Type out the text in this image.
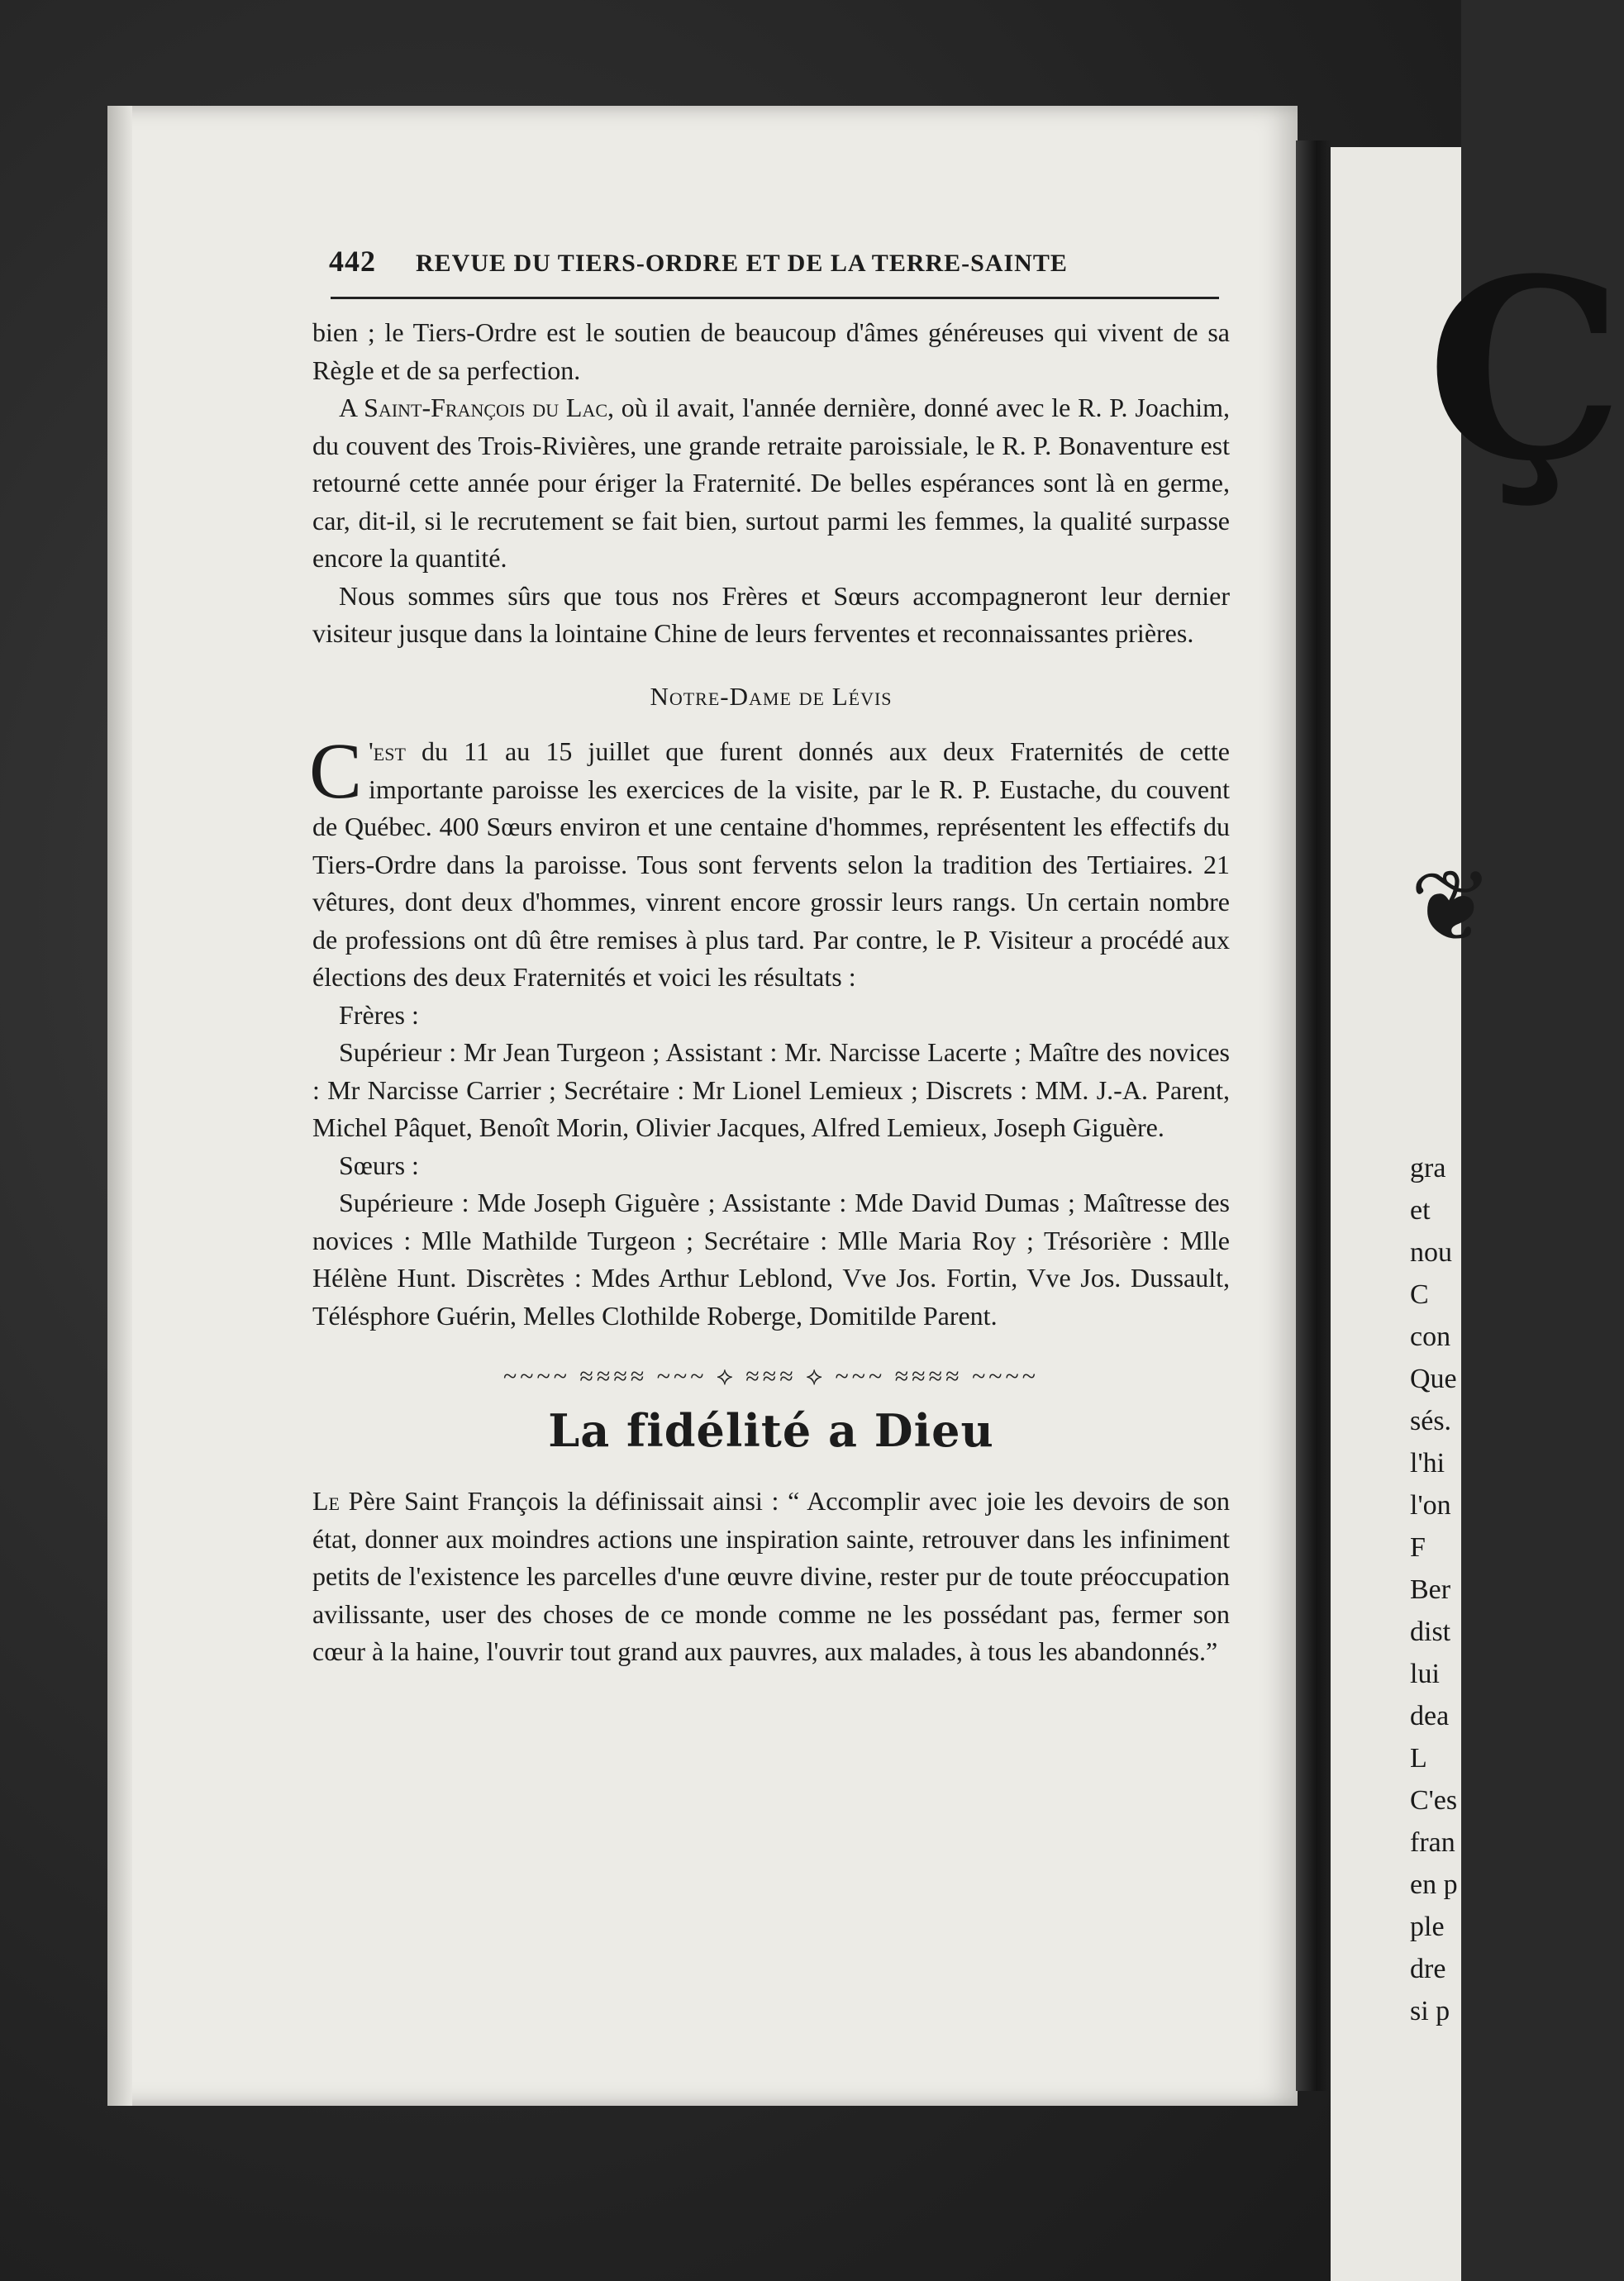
Ç
❦
gra
et
nou
C
con
Que
sés.
l'hi
l'on
F
Ber
dist
lui
dea
L
C'es
fran
en p
ple
dre
si p
442 REVUE DU TIERS-ORDRE ET DE LA TERRE-SAINTE

bien ; le Tiers-Ordre est le soutien de beaucoup d'âmes généreuses qui vivent de sa Règle et de sa perfection.

A Saint-François du Lac, où il avait, l'année dernière, donné avec le R. P. Joachim, du couvent des Trois-Rivières, une grande retraite paroissiale, le R. P. Bonaventure est retourné cette année pour ériger la Fraternité. De belles espérances sont là en germe, car, dit-il, si le recrutement se fait bien, surtout parmi les femmes, la qualité surpasse encore la quantité.

Nous sommes sûrs que tous nos Frères et Sœurs accompagneront leur dernier visiteur jusque dans la lointaine Chine de leurs ferventes et reconnaissantes prières.

Notre-Dame de Lévis

C 'est du 11 au 15 juillet que furent donnés aux deux Fraternités de cette importante paroisse les exercices de la visite, par le R. P. Eustache, du couvent de Québec. 400 Sœurs environ et une centaine d'hommes, représentent les effectifs du Tiers-Ordre dans la paroisse. Tous sont fervents selon la tradition des Tertiaires. 21 vêtures, dont deux d'hommes, vinrent encore grossir leurs rangs. Un certain nombre de professions ont dû être remises à plus tard. Par contre, le P. Visiteur a procédé aux élections des deux Fraternités et voici les résultats :

Frères :

Supérieur : Mr Jean Turgeon ; Assistant : Mr. Narcisse Lacerte ; Maître des novices : Mr Narcisse Carrier ; Secrétaire : Mr Lionel Lemieux ; Discrets : MM. J.-A. Parent, Michel Pâquet, Benoît Morin, Olivier Jacques, Alfred Lemieux, Joseph Giguère.

Sœurs :

Supérieure : Mde Joseph Giguère ; Assistante : Mde David Dumas ; Maîtresse des novices : Mlle Mathilde Turgeon ; Secrétaire : Mlle Maria Roy ; Trésorière : Mlle Hélène Hunt. Discrètes : Mdes Arthur Leblond, Vve Jos. Fortin, Vve Jos. Dussault, Télésphore Guérin, Melles Clothilde Roberge, Domitilde Parent.

~~~~ ≈≈≈≈ ~~~ ⟡ ≈≈≈ ⟡ ~~~ ≈≈≈≈ ~~~~
La fidélité a Dieu

Le Père Saint François la définissait ainsi : “ Accomplir avec joie les devoirs de son état, donner aux moindres actions une inspiration sainte, retrouver dans les infiniment petits de l'existence les parcelles d'une œuvre divine, rester pur de toute préoccupation avilissante, user des choses de ce monde comme ne les possédant pas, fermer son cœur à la haine, l'ouvrir tout grand aux pauvres, aux malades, à tous les abandonnés.”
